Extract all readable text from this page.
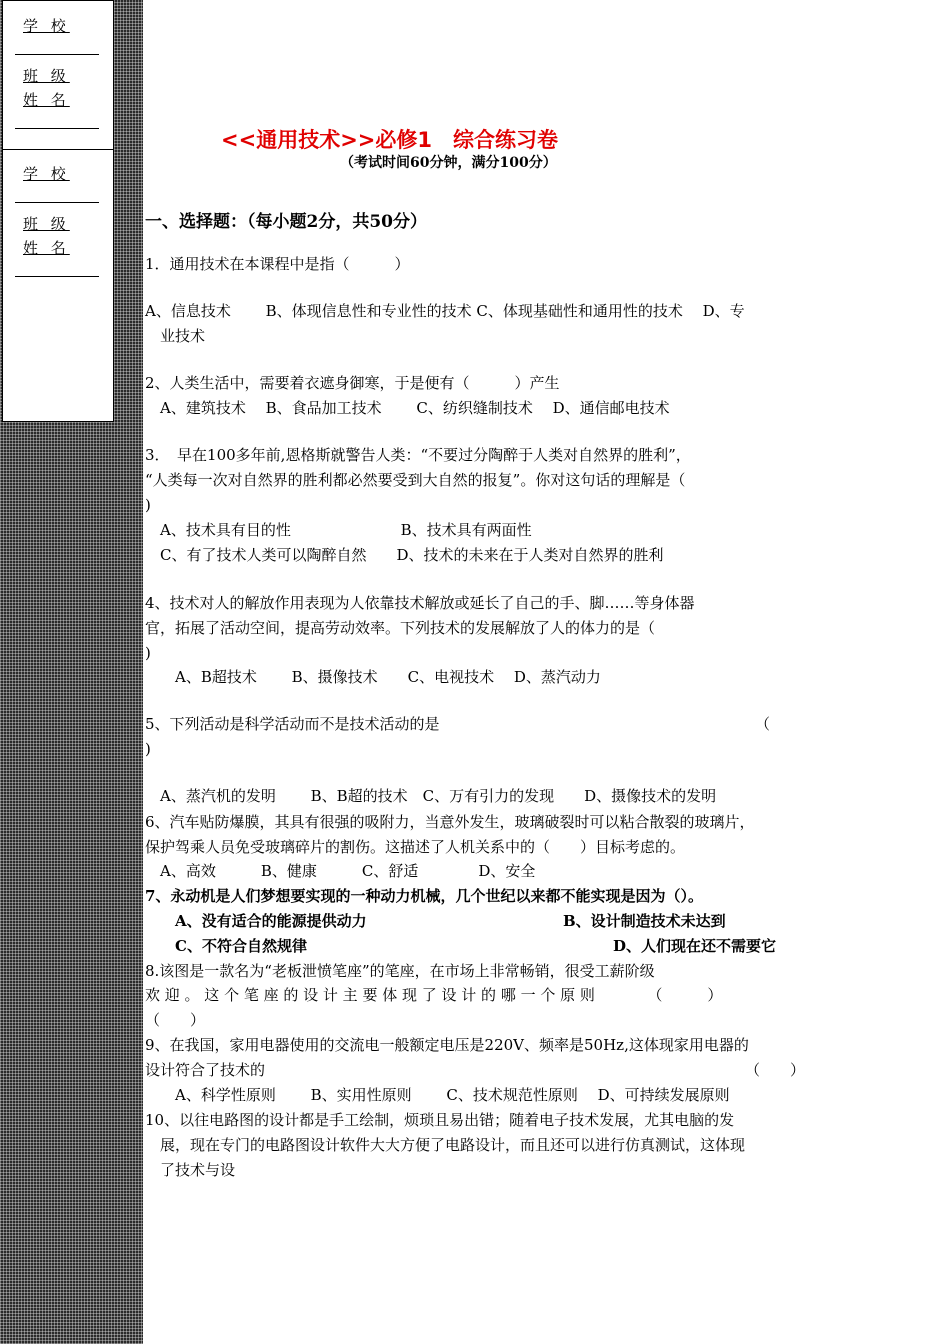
学 校
班 级
姓 名
学 校
班 级
姓 名
<<通用技术>>必修1　综合练习卷
（考试时间60分钟，满分100分）
一、选择题：（每小题2分，共50分）
1．通用技术在本课程中是指（　　　）
A、信息技术　　 B、体现信息性和专业性的技术 C、体现基础性和通用性的技术　 D、专
　业技术
2、人类生活中，需要着衣遮身御寒，于是便有（　　　）产生
　A、建筑技术　 B、食品加工技术　　 C、纺织缝制技术　 D、通信邮电技术
3．　早在100多年前,恩格斯就警告人类：“不要过分陶醉于人类对自然界的胜利”，
“人类每一次对自然界的胜利都必然要受到大自然的报复”。你对这句话的理解是（
)
　A、技术具有目的性　　　　　　　 B、技术具有两面性
　C、有了技术人类可以陶醉自然　　D、技术的未来在于人类对自然界的胜利
4、技术对人的解放作用表现为人依靠技术解放或延长了自己的手、脚……等身体器
官，拓展了活动空间，提高劳动效率。下列技术的发展解放了人的体力的是（
)
　　A、B超技术　　 B、摄像技术　　C、电视技术　 D、蒸汽动力
5、下列活动是科学活动而不是技术活动的是	（
)
　A、蒸汽机的发明　　 B、B超的技术　C、万有引力的发现　　D、摄像技术的发明
6、汽车贴防爆膜，其具有很强的吸附力，当意外发生，玻璃破裂时可以粘合散裂的玻璃片，
保护驾乘人员免受玻璃碎片的割伤。这描述了人机关系中的（　　）目标考虑的。
　A、高效　　　B、健康　　　C、舒适　　　　D、安全
7、永动机是人们梦想要实现的一种动力机械，几个世纪以来都不能实现是因为（）。
　　A、没有适合的能源提供动力	B、设计制造技术未达到
　　C、不符合自然规律	D、人们现在还不需要它
8.该图是一款名为“老板泄愤笔座”的笔座，在市场上非常畅销，很受工薪阶级
欢 迎 。 这 个 笔 座 的 设 计 主 要 体 现 了 设 计 的 哪 一 个 原 则　　　　（　　　）
（　　）
9、在我国，家用电器使用的交流电一般额定电压是220V、频率是50Hz,这体现家用电器的
设计符合了技术的	（　　）
　　A、科学性原则　　 B、实用性原则　　 C、技术规范性原则　 D、可持续发展原则
10、以往电路图的设计都是手工绘制，烦琐且易出错；随着电子技术发展，尤其电脑的发
　展，现在专门的电路图设计软件大大方便了电路设计，而且还可以进行仿真测试，这体现
　了技术与设
